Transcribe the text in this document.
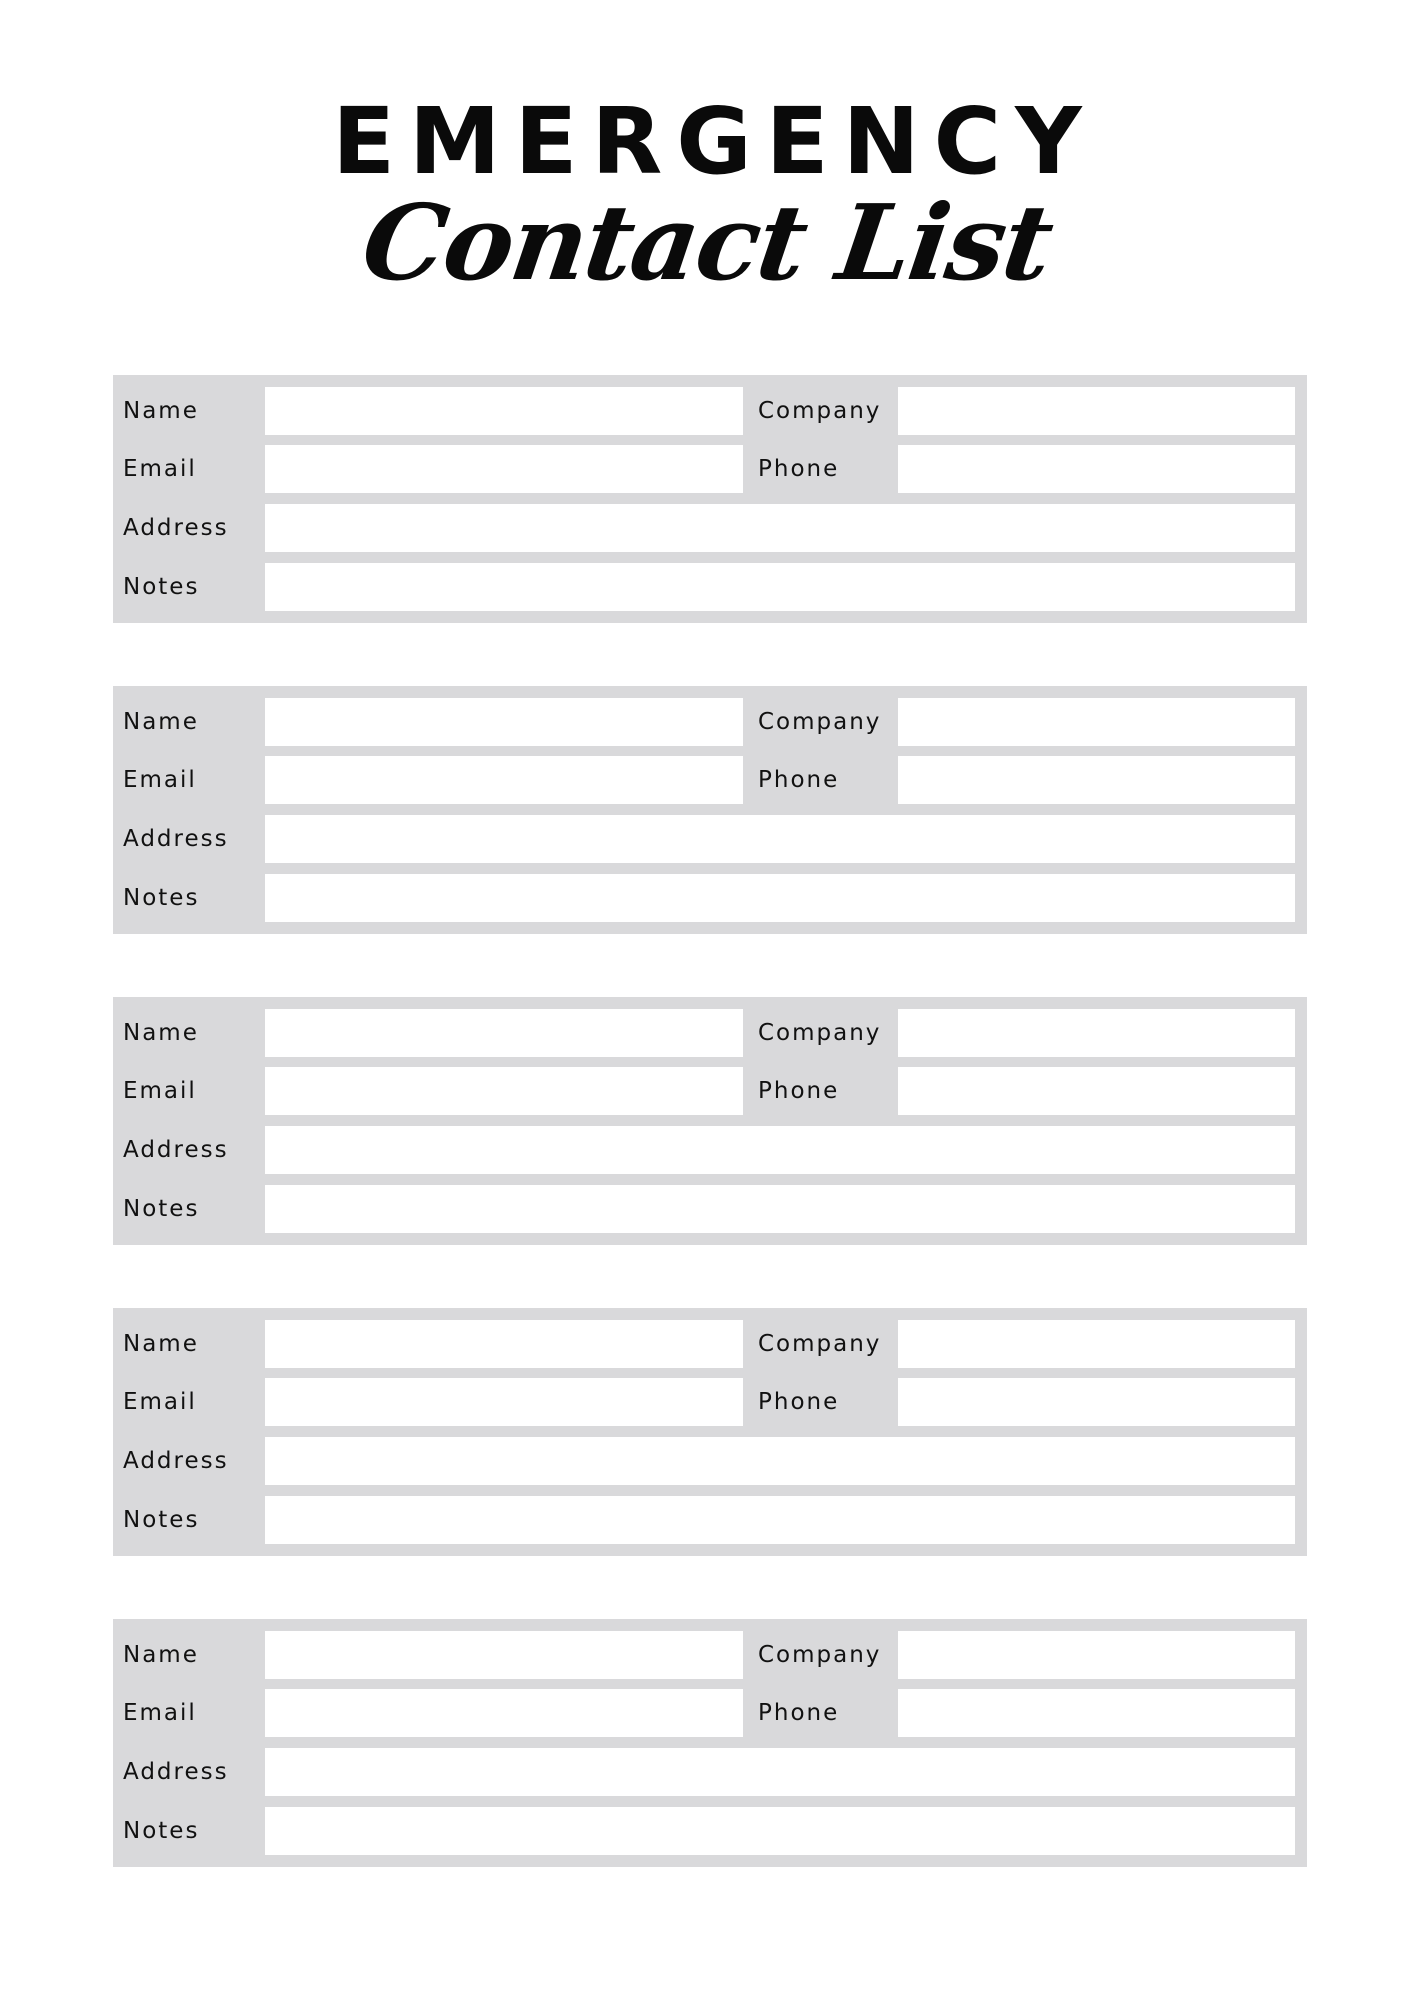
EMERGENCY
Contact List
Name	Company
Email	Phone
Address
Notes
Name	Company
Email	Phone
Address
Notes
Name	Company
Email	Phone
Address
Notes
Name	Company
Email	Phone
Address
Notes
Name	Company
Email	Phone
Address
Notes
